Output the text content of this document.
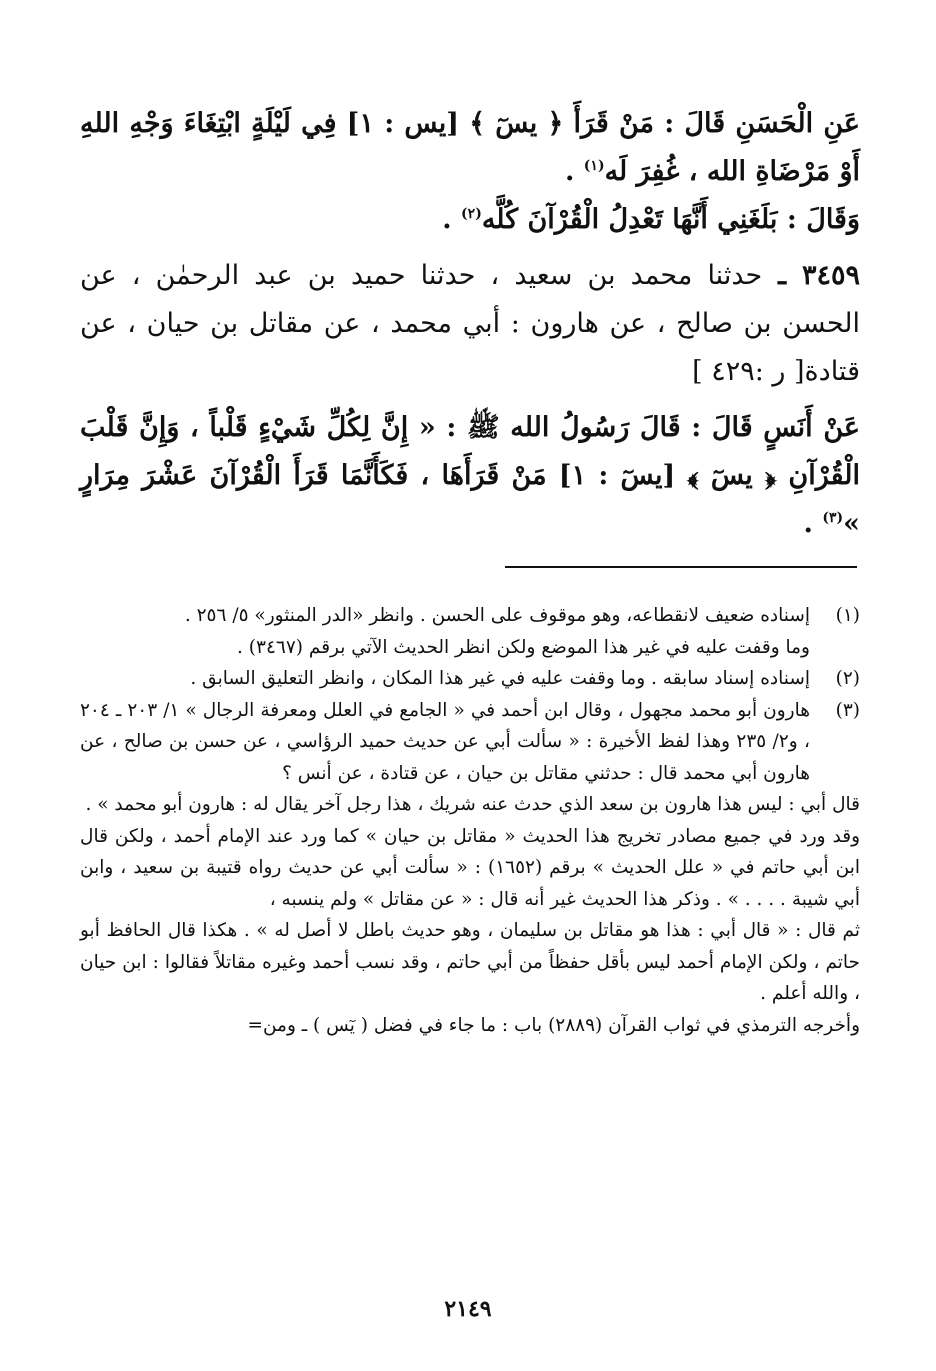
عَنِ الْحَسَنِ قَالَ : مَنْ قَرَأَ ﴿ يسٓ ﴾ [يس : ١] فِي لَيْلَةٍ ابْتِغَاءَ وَجْهِ اللهِ أَوْ مَرْضَاةِ الله ، غُفِرَ لَه$^{(١)}$ .

وَقَالَ : بَلَغَنِي أَنَّهَا تَعْدِلُ الْقُرْآنَ كُلَّه$^{(٢)}$ .

٣٤٥٩ ـ حدثنا محمد بن سعيد ، حدثنا حميد بن عبد الرحمٰن ، عن الحسن بن صالح ، عن هارون : أبي محمد ، عن مقاتل بن حيان ، عن قتادة[ ر :٤٢٩ ]

عَنْ أَنَسٍ قَالَ : قَالَ رَسُولُ الله ﷺ : « إِنَّ لِكُلِّ شَيْءٍ قَلْباً ، وَإِنَّ قَلْبَ الْقُرْآنِ ﴿ يسٓ ﴾ [يسٓ : ١] مَنْ قَرَأَهَا ، فَكَأَنَّمَا قَرَأَ الْقُرْآنَ عَشْرَ مِرَارٍ »$^{(٣)}$ .

(١)

إسناده ضعيف لانقطاعه، وهو موقوف على الحسن . وانظر «الدر المنثور» ٥/ ٢٥٦ .

وما وقفت عليه في غير هذا الموضع ولكن انظر الحديث الآتي برقم (٣٤٦٧) .

(٢)

إسناده إسناد سابقه . وما وقفت عليه في غير هذا المكان ، وانظر التعليق السابق .

(٣)

هارون أبو محمد مجهول ، وقال ابن أحمد في « الجامع في العلل ومعرفة الرجال » ١/ ٢٠٣ ـ ٢٠٤ ، و٢/ ٢٣٥ وهذا لفظ الأخيرة : « سألت أبي عن حديث حميد الرؤاسي ، عن حسن بن صالح ، عن هارون أبي محمد قال : حدثني مقاتل بن حيان ، عن قتادة ، عن أنس ؟

قال أبي : ليس هذا هارون بن سعد الذي حدث عنه شريك ، هذا رجل آخر يقال له : هارون أبو محمد » .

وقد ورد في جميع مصادر تخريج هذا الحديث « مقاتل بن حيان » كما ورد عند الإمام أحمد ، ولكن قال ابن أبي حاتم في « علل الحديث » برقم (١٦٥٢) : « سألت أبي عن حديث رواه قتيبة بن سعيد ، وابن أبي شيبة . . . . » . وذكر هذا الحديث غير أنه قال : « عن مقاتل » ولم ينسبه ،

ثم قال : « قال أبي : هذا هو مقاتل بن سليمان ، وهو حديث باطل لا أصل له » . هكذا قال الحافظ أبو حاتم ، ولكن الإمام أحمد ليس بأقل حفظاً من أبي حاتم ، وقد نسب أحمد وغيره مقاتلاً فقالوا : ابن حيان ، والله أعلم .

وأخرجه الترمذي في ثواب القرآن (٢٨٨٩) باب : ما جاء في فضل ( يٓس ) ـ ومن=

٢١٤٩
